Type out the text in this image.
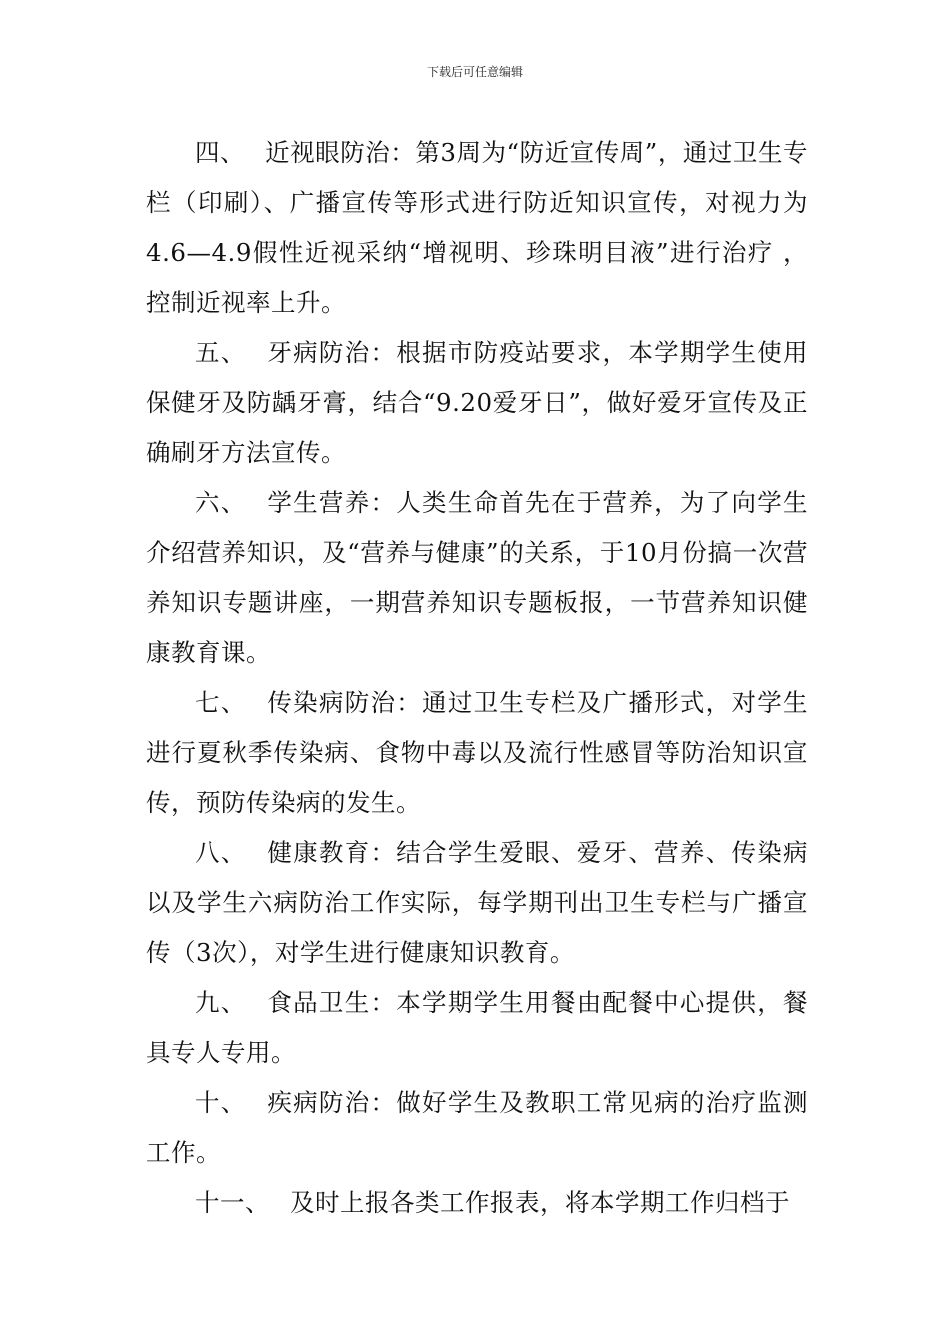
下载后可任意编辑

四、 近视眼防治：第3周为“防近宣传周”，通过卫生专栏（印刷）、广播宣传等形式进行防近知识宣传，对视力为4.6—4.9假性近视采纳“增视明、珍珠明目液”进行治疗 ，控制近视率上升。

五、 牙病防治：根据市防疫站要求，本学期学生使用保健牙及防龋牙膏，结合“9.20爱牙日”，做好爱牙宣传及正确刷牙方法宣传。

六、 学生营养：人类生命首先在于营养，为了向学生介绍营养知识，及“营养与健康”的关系，于10月份搞一次营养知识专题讲座，一期营养知识专题板报，一节营养知识健康教育课。

七、 传染病防治：通过卫生专栏及广播形式，对学生进行夏秋季传染病、食物中毒以及流行性感冒等防治知识宣传，预防传染病的发生。

八、 健康教育：结合学生爱眼、爱牙、营养、传染病以及学生六病防治工作实际，每学期刊出卫生专栏与广播宣传（3次），对学生进行健康知识教育。

九、 食品卫生：本学期学生用餐由配餐中心提供，餐具专人专用。

十、 疾病防治：做好学生及教职工常见病的治疗监测工作。

十一、 及时上报各类工作报表，将本学期工作归档于
